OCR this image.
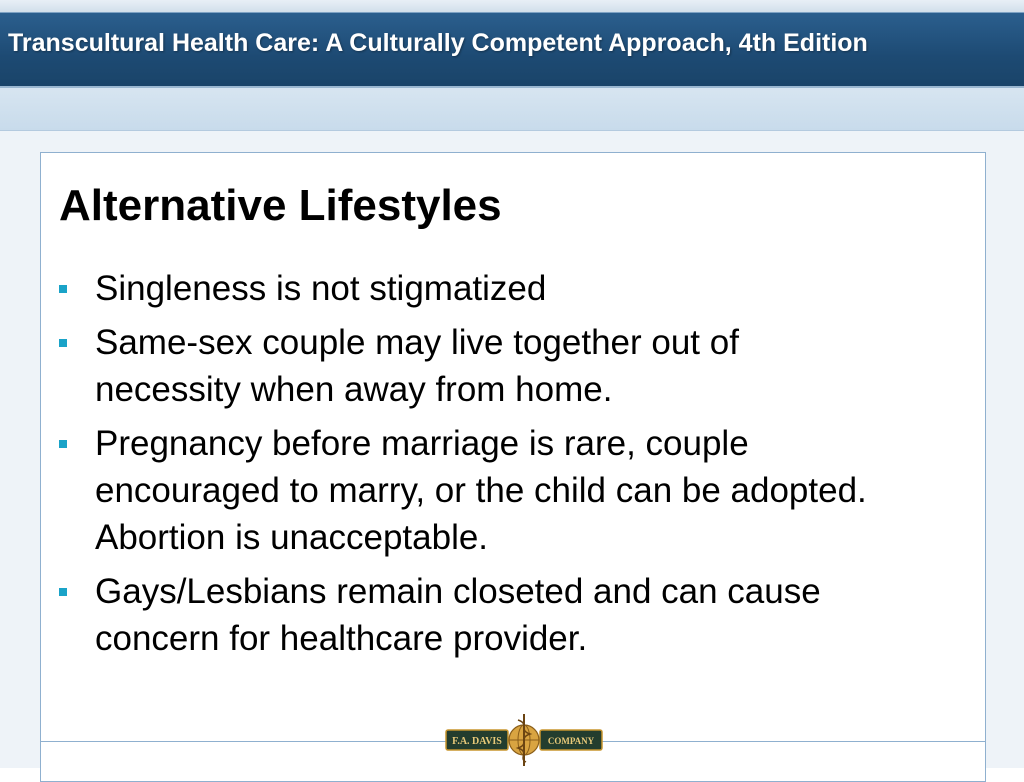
Transcultural Health Care: A Culturally Competent Approach, 4th Edition
Alternative Lifestyles
Singleness is not stigmatized
Same-sex couple may live together out of necessity when away from home.
Pregnancy before marriage is rare, couple encouraged to marry, or the child can be adopted. Abortion is unacceptable.
Gays/Lesbians remain closeted and can cause concern for healthcare provider.
F.A. DAVIS	COMPANY
